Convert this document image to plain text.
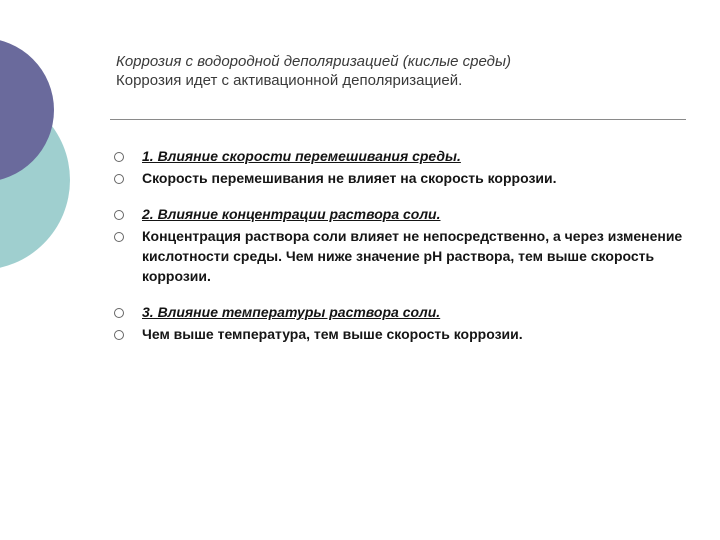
Коррозия с водородной деполяризацией (кислые среды)
Коррозия идет с активационной деполяризацией.
1. Влияние скорости перемешивания среды.
Скорость перемешивания не влияет на скорость коррозии.
2. Влияние концентрации раствора соли.
Концентрация раствора соли влияет не непосредственно, а через изменение кислотности среды. Чем ниже значение рН раствора, тем выше скорость коррозии.
3. Влияние температуры раствора соли.
Чем выше температура, тем выше скорость коррозии.
